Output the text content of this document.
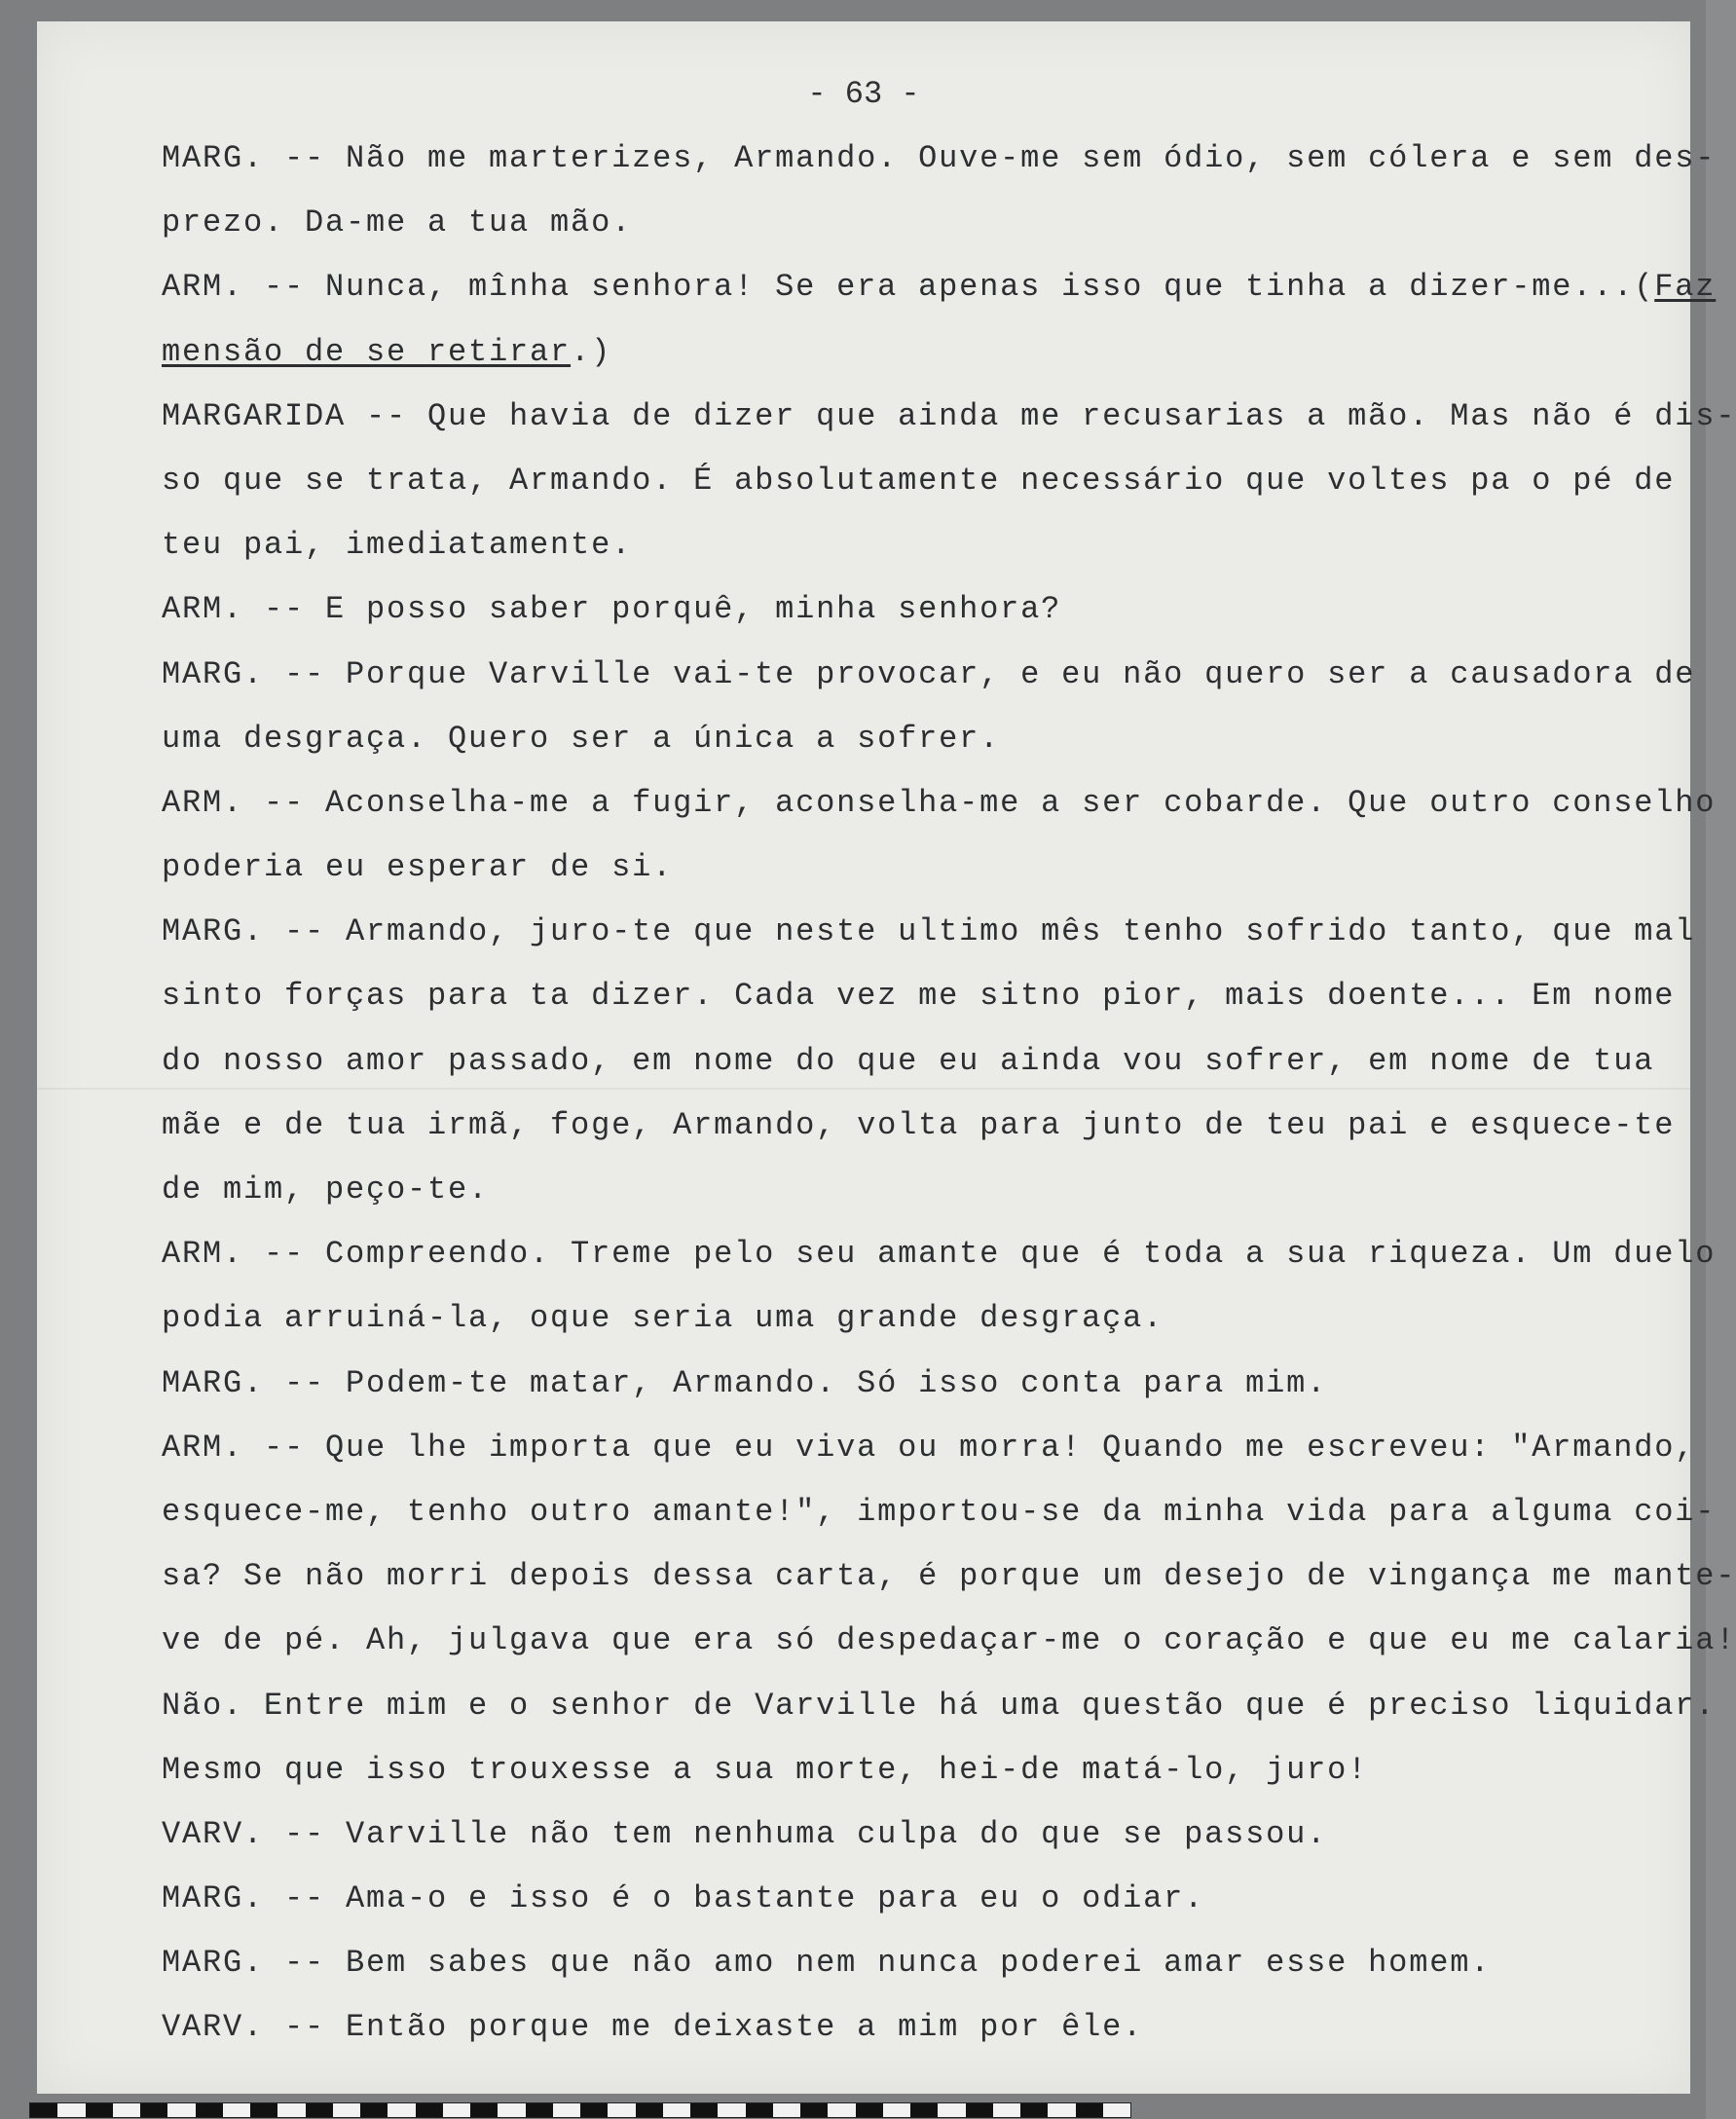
- 63 -
MARG. -- Não me marterizes, Armando. Ouve-me sem ódio, sem cólera e sem des-
prezo. Da-me a tua mão.
ARM. -- Nunca, mînha senhora! Se era apenas isso que tinha a dizer-me...(Faz
mensão de se retirar.)
MARGARIDA -- Que havia de dizer que ainda me recusarias a mão. Mas não é dis-
so que se trata, Armando. É absolutamente necessário que voltes pa o pé de
teu pai, imediatamente.
ARM. -- E posso saber porquê, minha senhora?
MARG. -- Porque Varville vai-te provocar, e eu não quero ser a causadora de
uma desgraça. Quero ser a única a sofrer.
ARM. -- Aconselha-me a fugir, aconselha-me a ser cobarde. Que outro conselho
poderia eu esperar de si.
MARG. -- Armando, juro-te que neste ultimo mês tenho sofrido tanto, que mal
sinto forças para ta dizer. Cada vez me sitno pior, mais doente... Em nome
do nosso amor passado, em nome do que eu ainda vou sofrer, em nome de tua
mãe e de tua irmã, foge, Armando, volta para junto de teu pai e esquece-te
de mim, peço-te.
ARM. -- Compreendo. Treme pelo seu amante que é toda a sua riqueza. Um duelo
podia arruiná-la, oque seria uma grande desgraça.
MARG. -- Podem-te matar, Armando. Só isso conta para mim.
ARM. -- Que lhe importa que eu viva ou morra! Quando me escreveu: "Armando,
esquece-me, tenho outro amante!", importou-se da minha vida para alguma coi-
sa? Se não morri depois dessa carta, é porque um desejo de vingança me mante-
ve de pé. Ah, julgava que era só despedaçar-me o coração e que eu me calaria!
Não. Entre mim e o senhor de Varville há uma questão que é preciso liquidar.
Mesmo que isso trouxesse a sua morte, hei-de matá-lo, juro!
VARV. -- Varville não tem nenhuma culpa do que se passou.
MARG. -- Ama-o e isso é o bastante para eu o odiar.
MARG. -- Bem sabes que não amo nem nunca poderei amar esse homem.
VARV. -- Então porque me deixaste a mim por êle.
